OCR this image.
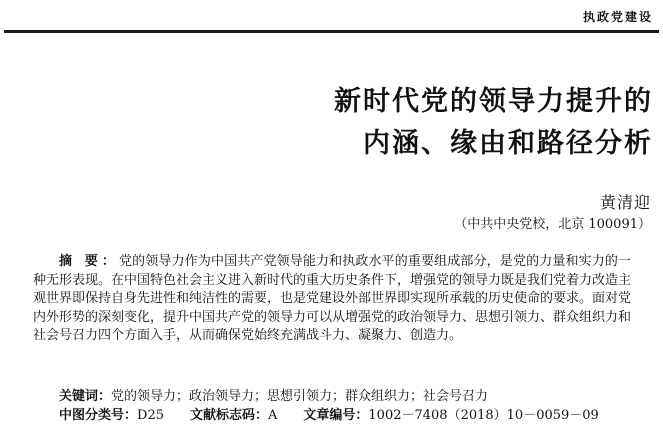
执政党建设
新时代党的领导力提升的
内涵、缘由和路径分析
黄清迎
（中共中央党校，北京 100091）
摘 要：党的领导力作为中国共产党领导能力和执政水平的重要组成部分，是党的力量和实力的一种无形表现。在中国特色社会主义进入新时代的重大历史条件下，增强党的领导力既是我们党着力改造主观世界即保持自身先进性和纯洁性的需要，也是党建设外部世界即实现所承载的历史使命的要求。面对党内外形势的深刻变化，提升中国共产党的领导力可以从增强党的政治领导力、思想引领力、群众组织力和社会号召力四个方面入手，从而确保党始终充满战斗力、凝聚力、创造力。
关键词：党的领导力；政治领导力；思想引领力；群众组织力；社会号召力
中图分类号：D25 文献标志码：A 文章编号：1002－7408（2018）10－0059－09
